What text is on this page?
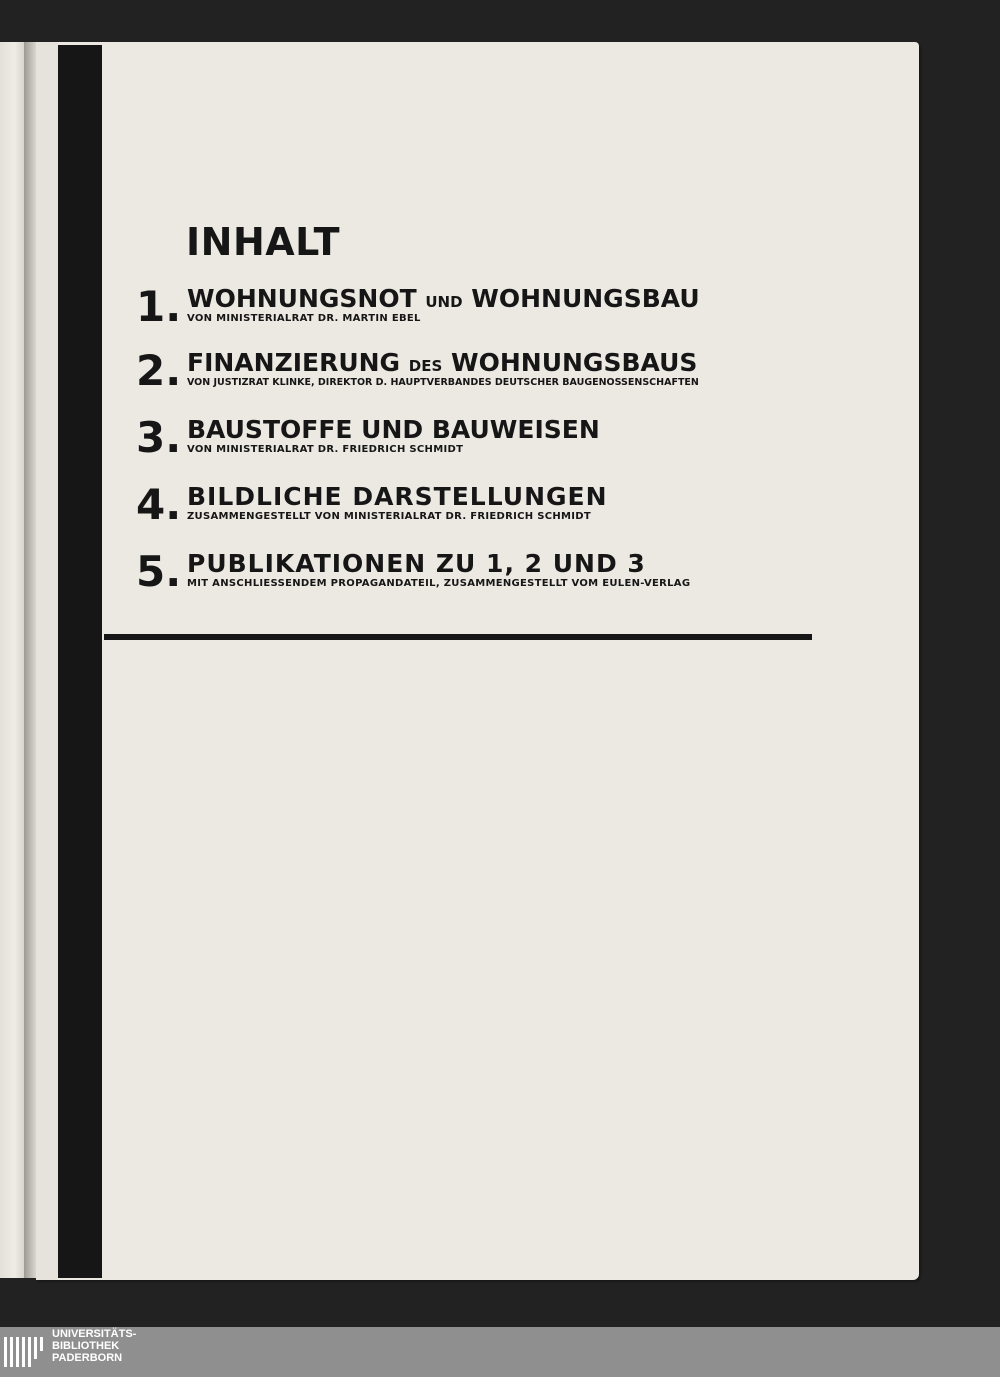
INHALT
1. WOHNUNGSNOT UND WOHNUNGSBAU
VON MINISTERIALRAT DR. MARTIN EBEL
2. FINANZIERUNG DES WOHNUNGSBAUS
VON JUSTIZRAT KLINKE, DIREKTOR D. HAUPTVERBANDES DEUTSCHER BAUGENOSSENSCHAFTEN
3. BAUSTOFFE UND BAUWEISEN
VON MINISTERIALRAT DR. FRIEDRICH SCHMIDT
4. BILDLICHE DARSTELLUNGEN
ZUSAMMENGESTELLT VON MINISTERIALRAT DR. FRIEDRICH SCHMIDT
5. PUBLIKATIONEN ZU 1, 2 UND 3
MIT ANSCHLIESSENDEM PROPAGANDATEIL, ZUSAMMENGESTELLT VOM EULEN-VERLAG
UNIVERSITÄTS-
BIBLIOTHEK
PADERBORN
